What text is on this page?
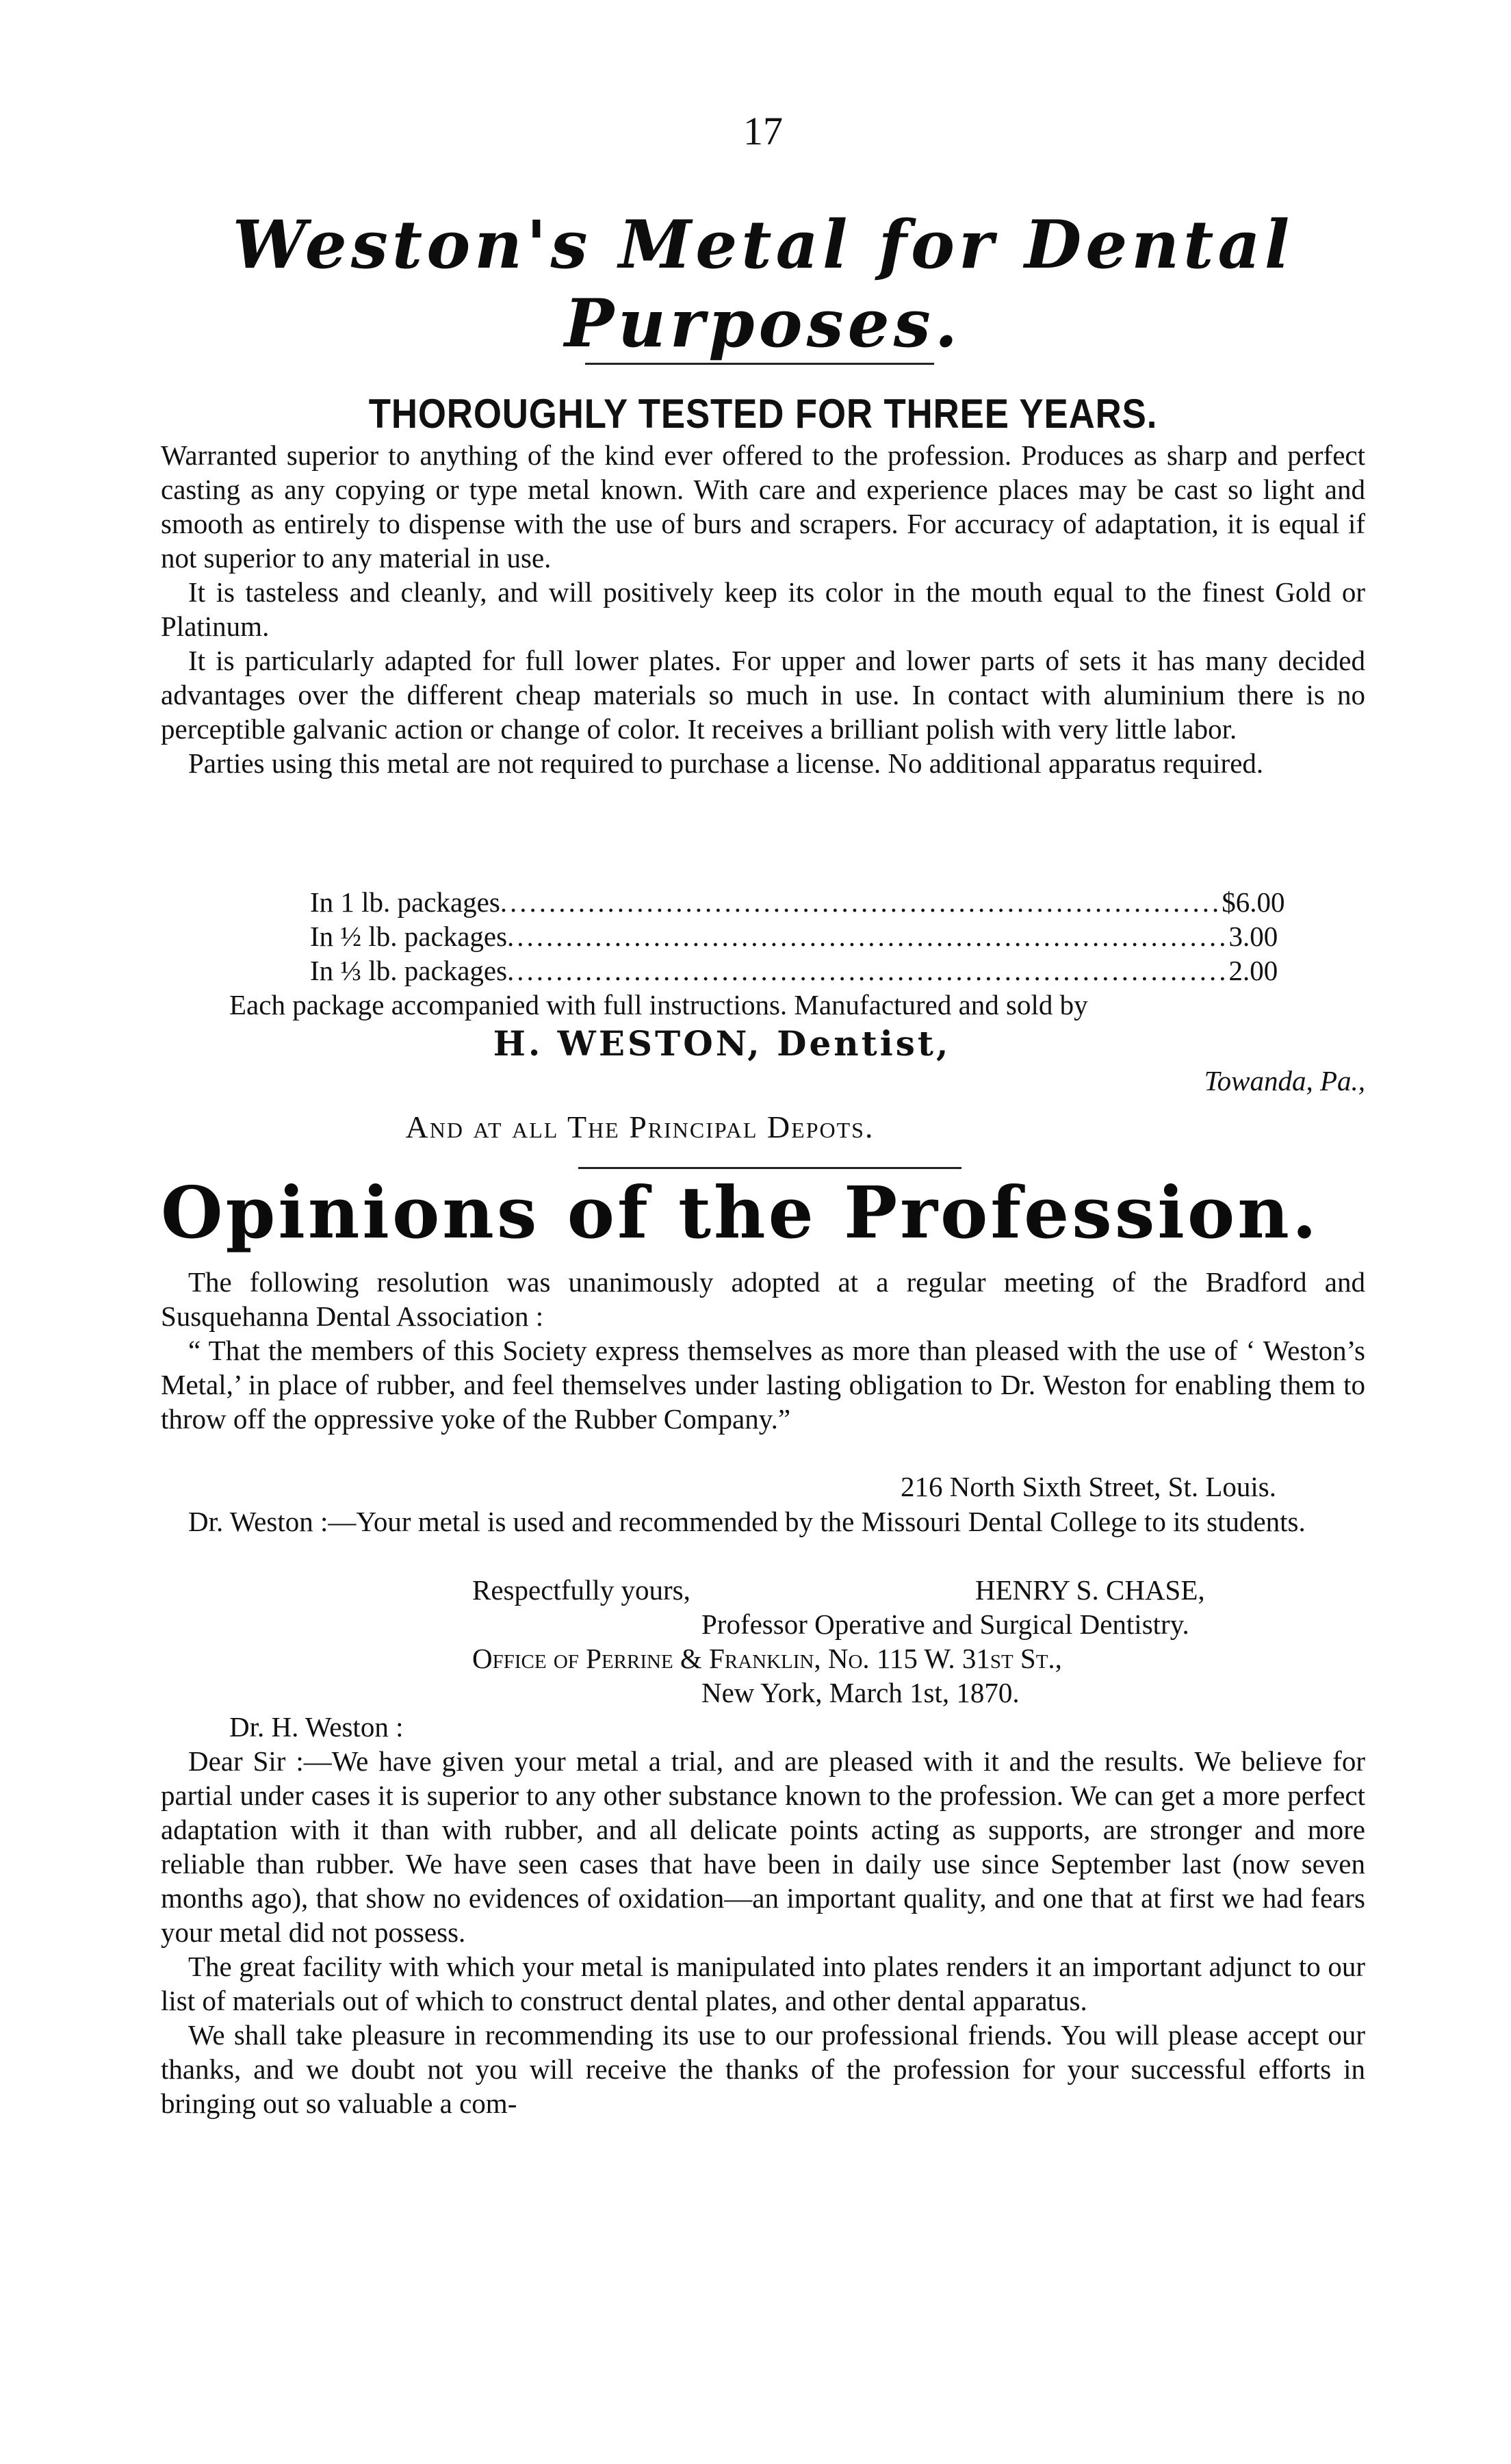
17
Weston's Metal for Dental Purposes.
THOROUGHLY TESTED FOR THREE YEARS.

Warranted superior to anything of the kind ever offered to the profession. Produces as sharp and perfect casting as any copying or type metal known. With care and experience places may be cast so light and smooth as entirely to dispense with the use of burs and scrapers. For accuracy of adaptation, it is equal if not superior to any material in use.

It is tasteless and cleanly, and will positively keep its color in the mouth equal to the finest Gold or Platinum.

It is particularly adapted for full lower plates. For upper and lower parts of sets it has many decided advantages over the different cheap materials so much in use. In contact with aluminium there is no perceptible galvanic action or change of color. It receives a brilliant polish with very little labor.

Parties using this metal are not required to purchase a license. No additional apparatus required.

In 1 lb. packages .......................................................................... $6.00
In ½ lb. packages .......................................................................... 3.00
In ⅓ lb. packages .......................................................................... 2.00
Each package accompanied with full instructions. Manufactured and sold by
H. WESTON, Dentist,
Towanda, Pa.,
And at all The Principal Depots.
Opinions of the Profession.

The following resolution was unanimously adopted at a regular meeting of the Bradford and Susquehanna Dental Association :

“ That the members of this Society express themselves as more than pleased with the use of ‘ Weston’s Metal,’ in place of rubber, and feel themselves under lasting obligation to Dr. Weston for enabling them to throw off the oppressive yoke of the Rubber Company.”

216 North Sixth Street, St. Louis.

Dr. Weston :—Your metal is used and recommended by the Missouri Dental College to its students.

Respectfully yours,	HENRY S. CHASE,
Professor Operative and Surgical Dentistry.
Office of Perrine & Franklin, No. 115 W. 31st St.,
New York, March 1st, 1870.
Dr. H. Weston :

Dear Sir :—We have given your metal a trial, and are pleased with it and the results. We believe for partial under cases it is superior to any other substance known to the profession. We can get a more perfect adaptation with it than with rubber, and all delicate points acting as supports, are stronger and more reliable than rubber. We have seen cases that have been in daily use since September last (now seven months ago), that show no evidences of oxidation—an important quality, and one that at first we had fears your metal did not possess.

The great facility with which your metal is manipulated into plates renders it an important adjunct to our list of materials out of which to construct dental plates, and other dental apparatus.

We shall take pleasure in recommending its use to our professional friends. You will please accept our thanks, and we doubt not you will receive the thanks of the profession for your successful efforts in bringing out so valuable a com-
